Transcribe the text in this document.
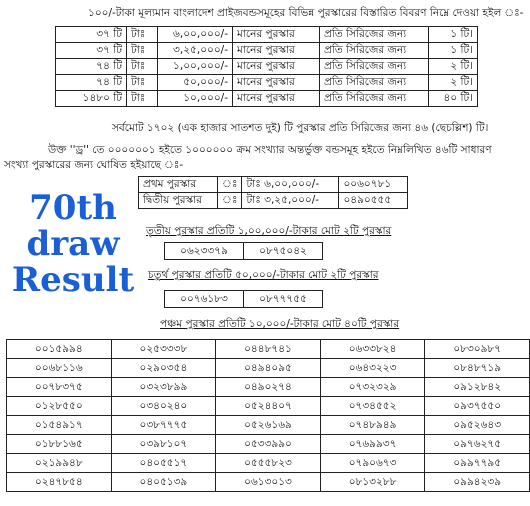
১০০/-টাকা মূল্যমান বাংলাদেশ প্রাইজবন্ডসমূহের বিভিন্ন পুরস্কারের বিস্তারিত বিবরণ নিম্নে দেওয়া হইল ঃ-
৩৭ টি	টাঃ	৬,০০,০০০/-	মানের পুরস্কার	প্রতি সিরিজের জন্য	১ টি।
৩৭ টি	টাঃ	৩,২৫,০০০/-	মানের পুরস্কার	প্রতি সিরিজের জন্য	১ টি।
৭৪ টি	টাঃ	১,০০,০০০/-	মানের পুরস্কার	প্রতি সিরিজের জন্য	২ টি।
৭৪ টি	টাঃ	৫০,০০০/-	মানের পুরস্কার	প্রতি সিরিজের জন্য	২ টি।
১৪৮০ টি	টাঃ	১০,০০০/-	মানের পুরস্কার	প্রতি সিরিজের জন্য	৪০ টি।
সর্বমোট ১৭০২ (এক হাজার সাতশত দুই) টি পুরস্কার প্রতি সিরিজের জন্য ৪৬ (ছেচল্লিশ) টি।
উক্ত ''ড্র'' তে ০০০০০০১ হইতে ১০০০০০০ ক্রম সংখ্যার অন্তর্ভুক্ত বন্ডসমূহ হইতে নিম্নলিখিত ৪৬টি সাধারণ
সংখ্যা পুরস্কারের জন্য ঘোষিত হইয়াছে ঃ-
70th
draw
Result
প্রথম পুরস্কার	ঃ	টাঃ ৬,০০,০০০/-	০০৬০৭৮১
দ্বিতীয় পুরস্কার	ঃ	টাঃ ৩,২৫,০০০/-	০৪৯০৫৫৫
তৃতীয় পুরস্কার প্রতিটি ১,০০,০০০/-টাকার মোট ২টি পুরস্কার
০৬২৩৩৭৯	০৮৭৫০৪২
চতুর্থ পুরস্কার প্রতিটি ৫০,০০০/-টাকার মোট ২টি পুরস্কার
০০৭৬১৮৩	০৮৭৭৭৫৫
পঞ্চম পুরস্কার প্রতিটি ১০,০০০/-টাকার মোট ৪০টি পুরস্কার
০০১৫৯৯৪	০২৫৩৩৩৮	০৪৪৮৭৪১	০৬৩৩৮২৪	০৮৩০৯৮৭
০০৬৮১১৬	০২৯০৩৫৪	০৪৯৪০৯৫	০৬৪৩২২৩	০৮৪৮৭১৯
০০৭৮৩৭৫	০৩২৩৮৯৯	০৪৯০২৭৪	০৭৩২৩২৯	০৯১২৮৪২
০১২৮৫৫০	০৩৪০২৪০	০৫২৪৪০৭	০৭৩৪৫৫২	০৯৩৭৫৫০
০১৫৪৯১৭	০৩৮৭৭৭৫	০৫২৬১৬৯	০৭৪৮৯৪৯	০৯৫২৬৪৩
০১৮৮১৬৫	০৩৯৮১০৭	০৫৩৩৯৯০	০৭৬৯৯৩৭	০৯৭৬২৭৫
০২১৯৯৪৮	০৪০৫৫১৭	০৫৫৫৮২৩	০৭৯০৬৭৩	০৯৯৭৭৯৫
০২৪৭৮৫৪	০৪০৫১৩৯	০৬১৩০১৩	০৮১৩২৮৮	০৯৯৪২৩৯
